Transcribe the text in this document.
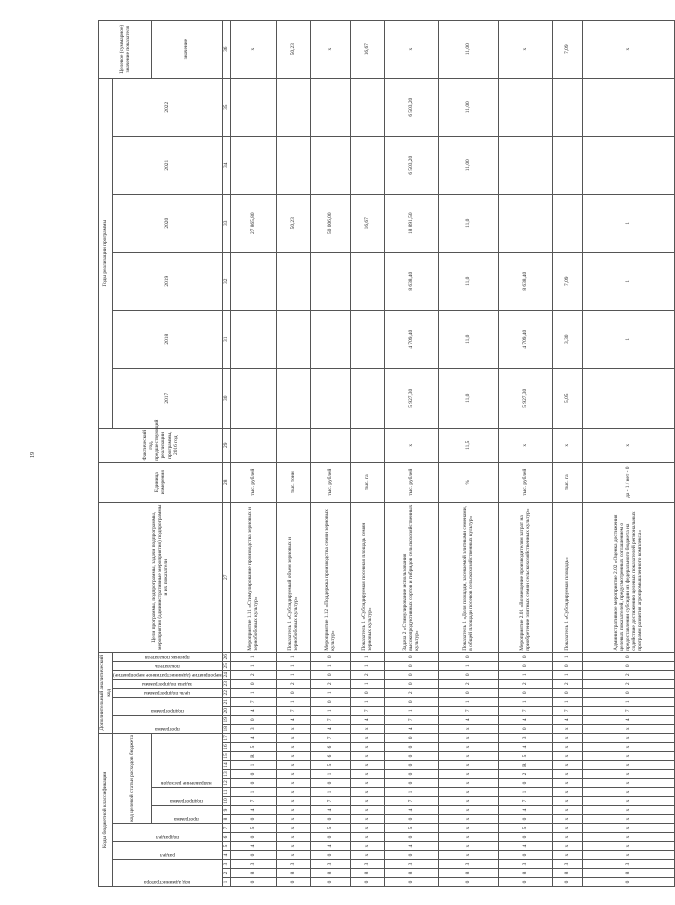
19
Коды бюджетной классификации																	Дополнительный аналитический код									Цели программы, подпрограммы, задачи подпрограммы, мероприятия (административные мероприятия) подпрограммы и их показатели	Единица измерения	Фактический год, предшествующий реализации программы, 2016 год	Годы реализации программы						Целевое (суммарное) значение показателя	

код администратора			раздел		подраздел		код целевой статьи расходов бюджета										программа		подпрограмма		цель подпрограммы	задача подпрограммы	мероприятие (административное мероприятие)	показатель	признак показателя				2017	2018	2019	2020	2021	2022		

							программа		подпрограмма		направление расходов																								значение	
1	2	3	4	5	6	7	8	9	10	11	12	13	14	15	16	17	18	19	20	21	22	23	24	25	26	27	28	29	30	31	32	33	34	35	36	
0	8	3	0	4	0	5	0	4	7	1	0	0	1	R	5	4	3	0	4	7	1	0	2	1	1	Мероприятие 1.11 «Стимулирование производства зерновых и зернобобовых культур»	тыс. рублей					27 865,80			х	
0	8	3	x	x	x	x	x	x	x	x	x	x	x	x	x	x	x	4	7	1	0	2	1	1	1	Показатель 1 «Субсидируемый объем зерновых и зернобобовых культур»	тыс. тонн					50,23			50,23	
0	8	3	0	4	0	5	0	4	7	1	0	1	5	6	6	7	4	7	1	0	1	2	0	1	0	Мероприятие 1.12 «Поддержка производства семян зерновых культур»	тыс. рублей					50 006,00			х	
0	8	3	x	x	x	x	x	x	x	x	x	x	x	x	x	x	x	4	7	1	0	1	2	1	1	Показатель 1 «Субсидируемая посевная площадь семян зерновых культур»	тыс. га					16,67			16,67	
0	8	3	0	4	0	5	0	4	7	1	0	0	0	0	0	0	4	7	1	0	2	0	0	0	0	Задача 2 «Стимулирование использования высокопродуктивных сортов и гибридов сельскохозяйственных культур»	тыс. рублей	х	5 927,30	4 709,40	8 638,40	18 891,50	6 503,20	6 503,20	х	
0	8	3	x	x	x	x	x	x	x	x	x	x	x	x	x	x	x	4	7	1	0	2	0	1	0	Показатель 1 «Доля площади, засеваемой элитными семенами, в общей площади посевов сельскохозяйственных культур»	%	11,5	11,0	11,0	11,0	11,0	11,00	11,00	11,00	
0	8	3	0	4	0	5	0	4	7	1	0	2	R	5	4	3	0	4	7	1	0	2	1	0	0	Мероприятие 2.01 «Возмещение производителям затрат на приобретение элитных семян сельскохозяйственных культур»	тыс. рублей	х	5 927,30	4 709,40	8 638,40				х	
0	8	3	x	x	x	x	x	x	x	x	x	x	x	x	x	x	x	4	7	1	0	2	1	0	1	Показатель 1 «Субсидируемая площадь»	тыс. га	х	5,05	3,30	7,09				7,09	
0	8	3	x	x	x	x	x	x	x	x	x	x	x	x	x	x	x	4	7	1	0	2	2	0	0	Административное мероприятие 2.02 «Оценка достижения целевых показателей, предусмотренных соглашением о предоставлении субсидии из федерального бюджета на содействие достижению целевых показателей региональных программ развития агропромышленного комплекса»	да - 1 / нет - 0	х		1	1	1			х	
